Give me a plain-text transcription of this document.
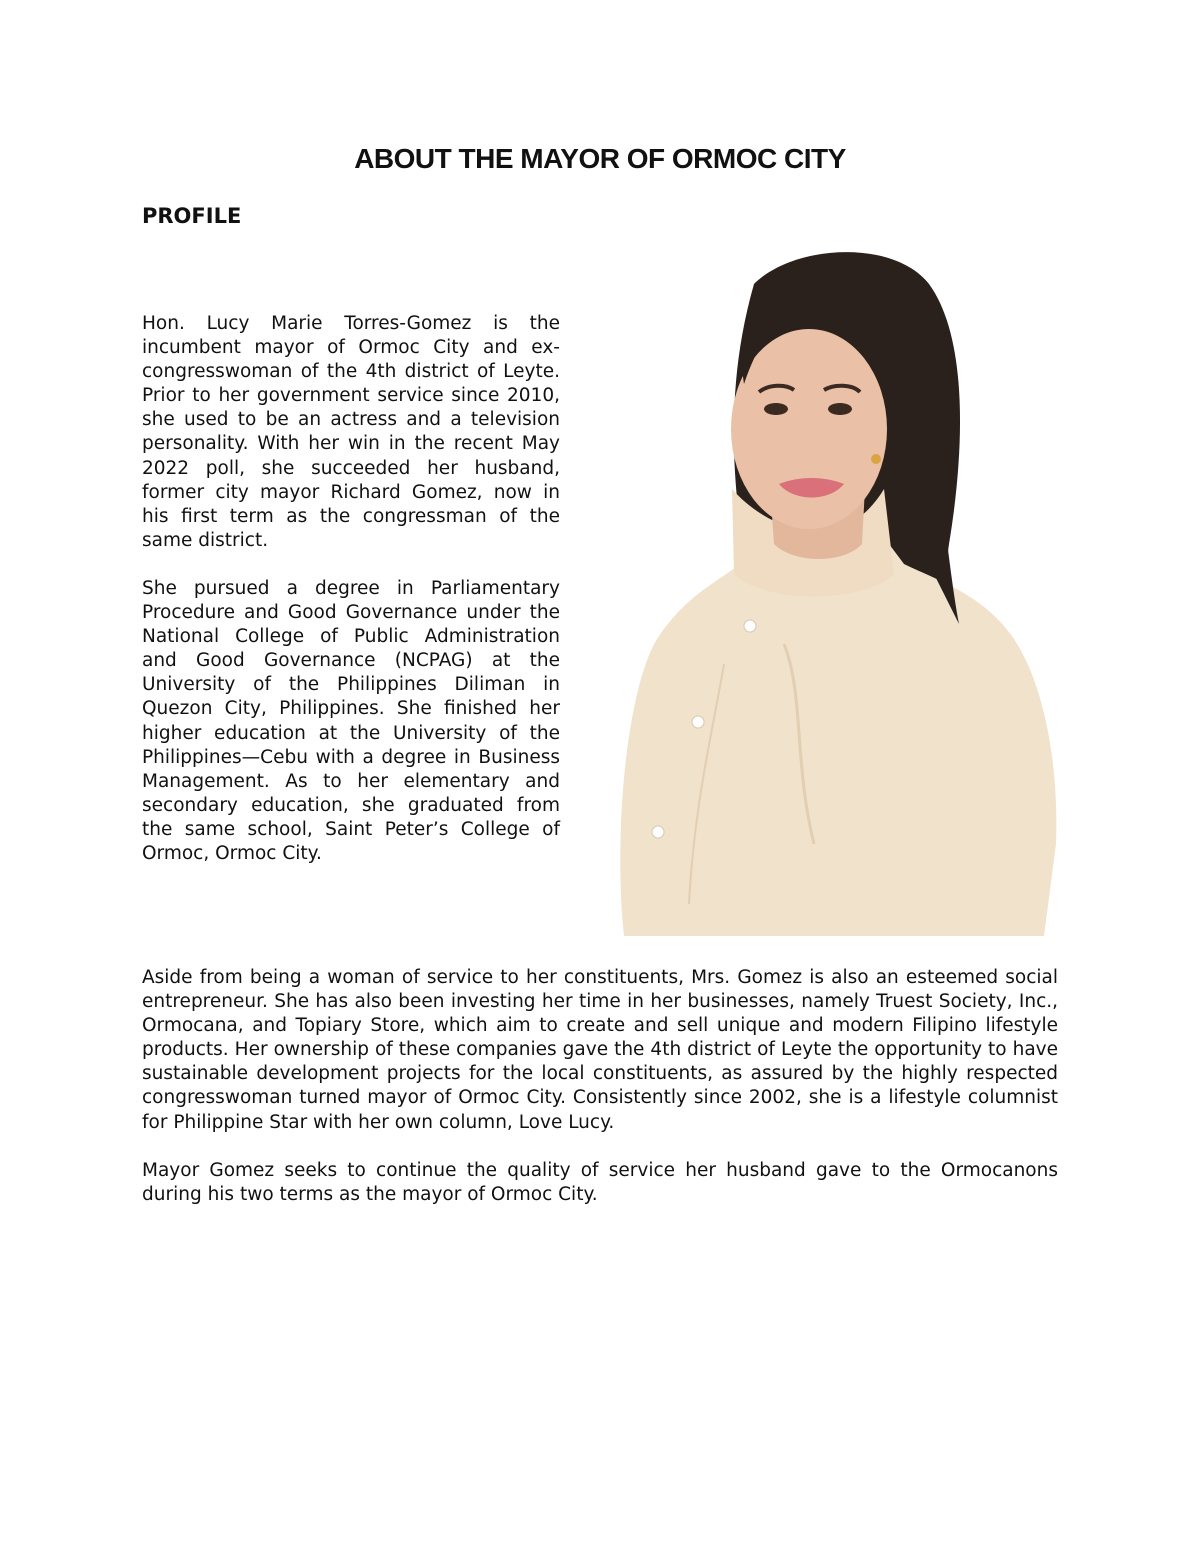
ABOUT THE MAYOR OF ORMOC CITY
PROFILE

Hon. Lucy Marie Torres-Gomez is the incumbent mayor of Ormoc City and ex-congresswoman of the 4th district of Leyte. Prior to her government service since 2010, she used to be an actress and a television personality. With her win in the recent May 2022 poll, she succeeded her husband, former city mayor Richard Gomez, now in his first term as the congressman of the same district.

She pursued a degree in Parliamentary Procedure and Good Governance under the National College of Public Administration and Good Governance (NCPAG) at the University of the Philippines Diliman in Quezon City, Philippines. She finished her higher education at the University of the Philippines—Cebu with a degree in Business Management. As to her elementary and secondary education, she graduated from the same school, Saint Peter’s College of Ormoc, Ormoc City.

Aside from being a woman of service to her constituents, Mrs. Gomez is also an esteemed social entrepreneur. She has also been investing her time in her businesses, namely Truest Society, Inc., Ormocana, and Topiary Store, which aim to create and sell unique and modern Filipino lifestyle products. Her ownership of these companies gave the 4th district of Leyte the opportunity to have sustainable development projects for the local constituents, as assured by the highly respected congresswoman turned mayor of Ormoc City. Consistently since 2002, she is a lifestyle columnist for Philippine Star with her own column, Love Lucy.

Mayor Gomez seeks to continue the quality of service her husband gave to the Ormocanons during his two terms as the mayor of Ormoc City.
